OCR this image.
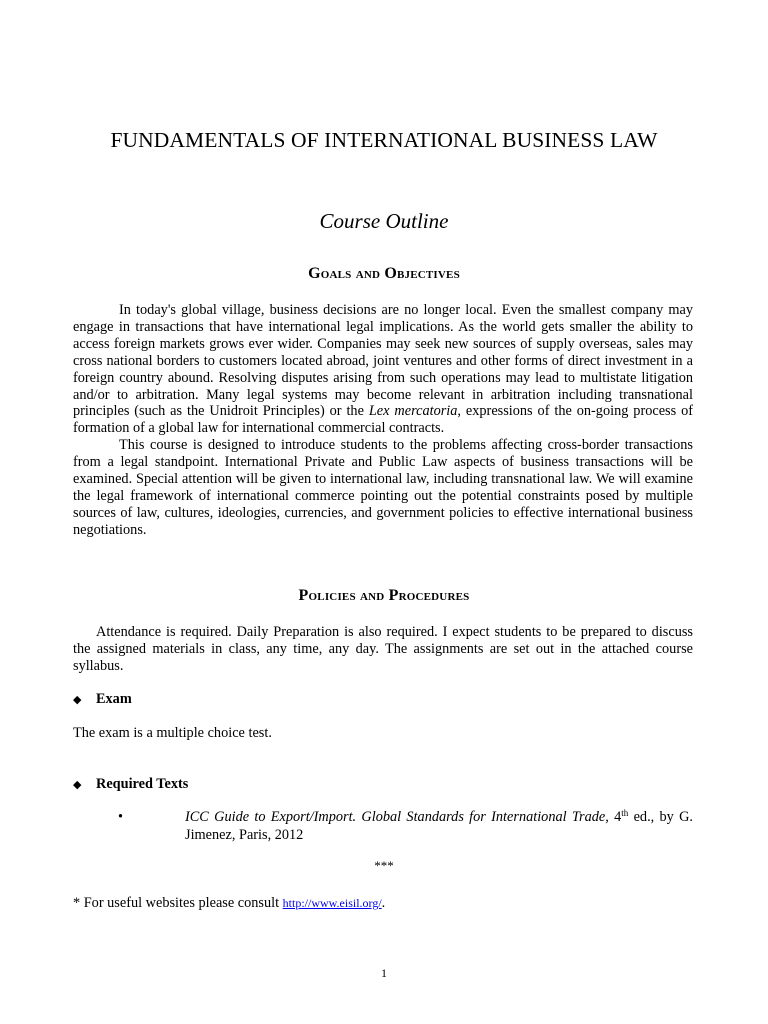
FUNDAMENTALS OF INTERNATIONAL BUSINESS LAW
Course Outline
Goals and Objectives

In today's global village, business decisions are no longer local. Even the smallest company may engage in transactions that have international legal implications. As the world gets smaller the ability to access foreign markets grows ever wider. Companies may seek new sources of supply overseas, sales may cross national borders to customers located abroad, joint ventures and other forms of direct investment in a foreign country abound. Resolving disputes arising from such operations may lead to multistate litigation and/or to arbitration. Many legal systems may become relevant in arbitration including transnational principles (such as the Unidroit Principles) or the Lex mercatoria, expressions of the on-going process of formation of a global law for international commercial contracts.

This course is designed to introduce students to the problems affecting cross-border transactions from a legal standpoint. International Private and Public Law aspects of business transactions will be examined. Special attention will be given to international law, including transnational law. We will examine the legal framework of international commerce pointing out the potential constraints posed by multiple sources of law, cultures, ideologies, currencies, and government policies to effective international business negotiations.

Policies and Procedures

Attendance is required. Daily Preparation is also required. I expect students to be prepared to discuss the assigned materials in class, any time, any day. The assignments are set out in the attached course syllabus.

◆ Exam
The exam is a multiple choice test.
◆ Required Texts
•	ICC Guide to Export/Import. Global Standards for International Trade, 4th ed., by G. Jimenez, Paris, 2012
***
* For useful websites please consult http://www.eisil.org/.
1
